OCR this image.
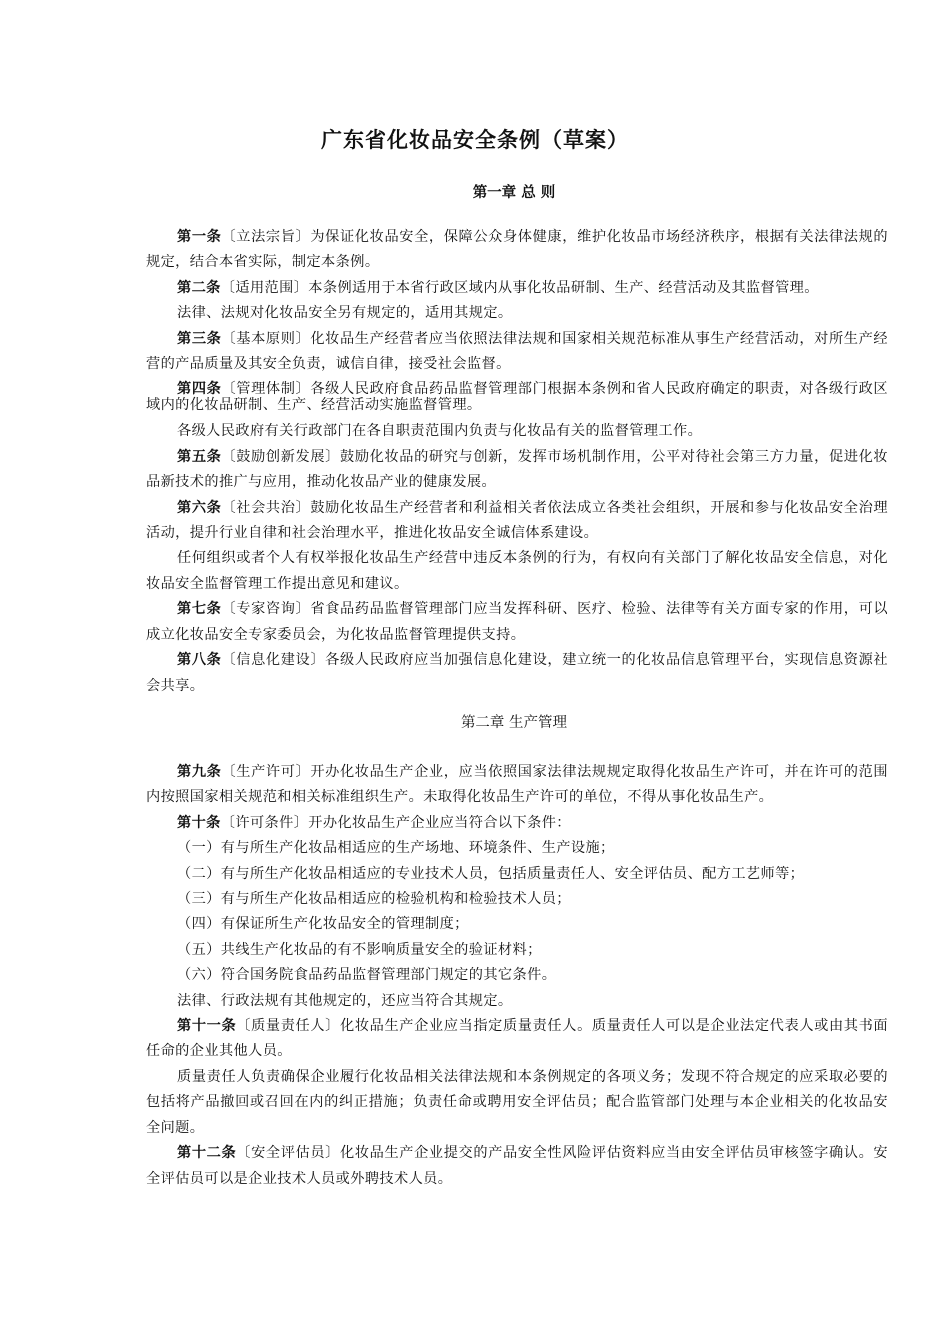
广东省化妆品安全条例（草案）
第一章 总 则

第一条〔立法宗旨〕为保证化妆品安全，保障公众身体健康，维护化妆品市场经济秩序，根据有关法律法规的规定，结合本省实际，制定本条例。

第二条〔适用范围〕本条例适用于本省行政区域内从事化妆品研制、生产、经营活动及其监督管理。

法律、法规对化妆品安全另有规定的，适用其规定。

第三条〔基本原则〕化妆品生产经营者应当依照法律法规和国家相关规范标准从事生产经营活动，对所生产经营的产品质量及其安全负责，诚信自律，接受社会监督。

第四条〔管理体制〕各级人民政府食品药品监督管理部门根据本条例和省人民政府确定的职责，对各级行政区域内的化妆品研制、生产、经营活动实施监督管理。

各级人民政府有关行政部门在各自职责范围内负责与化妆品有关的监督管理工作。

第五条〔鼓励创新发展〕鼓励化妆品的研究与创新，发挥市场机制作用，公平对待社会第三方力量，促进化妆品新技术的推广与应用，推动化妆品产业的健康发展。

第六条〔社会共治〕鼓励化妆品生产经营者和利益相关者依法成立各类社会组织，开展和参与化妆品安全治理活动，提升行业自律和社会治理水平，推进化妆品安全诚信体系建设。

任何组织或者个人有权举报化妆品生产经营中违反本条例的行为，有权向有关部门了解化妆品安全信息，对化妆品安全监督管理工作提出意见和建议。

第七条〔专家咨询〕省食品药品监督管理部门应当发挥科研、医疗、检验、法律等有关方面专家的作用，可以成立化妆品安全专家委员会，为化妆品监督管理提供支持。

第八条〔信息化建设〕各级人民政府应当加强信息化建设，建立统一的化妆品信息管理平台，实现信息资源社会共享。

第二章 生产管理

第九条〔生产许可〕开办化妆品生产企业，应当依照国家法律法规规定取得化妆品生产许可，并在许可的范围内按照国家相关规范和相关标准组织生产。未取得化妆品生产许可的单位，不得从事化妆品生产。

第十条〔许可条件〕开办化妆品生产企业应当符合以下条件：

（一）有与所生产化妆品相适应的生产场地、环境条件、生产设施；

（二）有与所生产化妆品相适应的专业技术人员，包括质量责任人、安全评估员、配方工艺师等；

（三）有与所生产化妆品相适应的检验机构和检验技术人员；

（四）有保证所生产化妆品安全的管理制度；

（五）共线生产化妆品的有不影响质量安全的验证材料；

（六）符合国务院食品药品监督管理部门规定的其它条件。

法律、行政法规有其他规定的，还应当符合其规定。

第十一条〔质量责任人〕化妆品生产企业应当指定质量责任人。质量责任人可以是企业法定代表人或由其书面任命的企业其他人员。

质量责任人负责确保企业履行化妆品相关法律法规和本条例规定的各项义务；发现不符合规定的应采取必要的包括将产品撤回或召回在内的纠正措施；负责任命或聘用安全评估员；配合监管部门处理与本企业相关的化妆品安全问题。

第十二条〔安全评估员〕化妆品生产企业提交的产品安全性风险评估资料应当由安全评估员审核签字确认。安全评估员可以是企业技术人员或外聘技术人员。
